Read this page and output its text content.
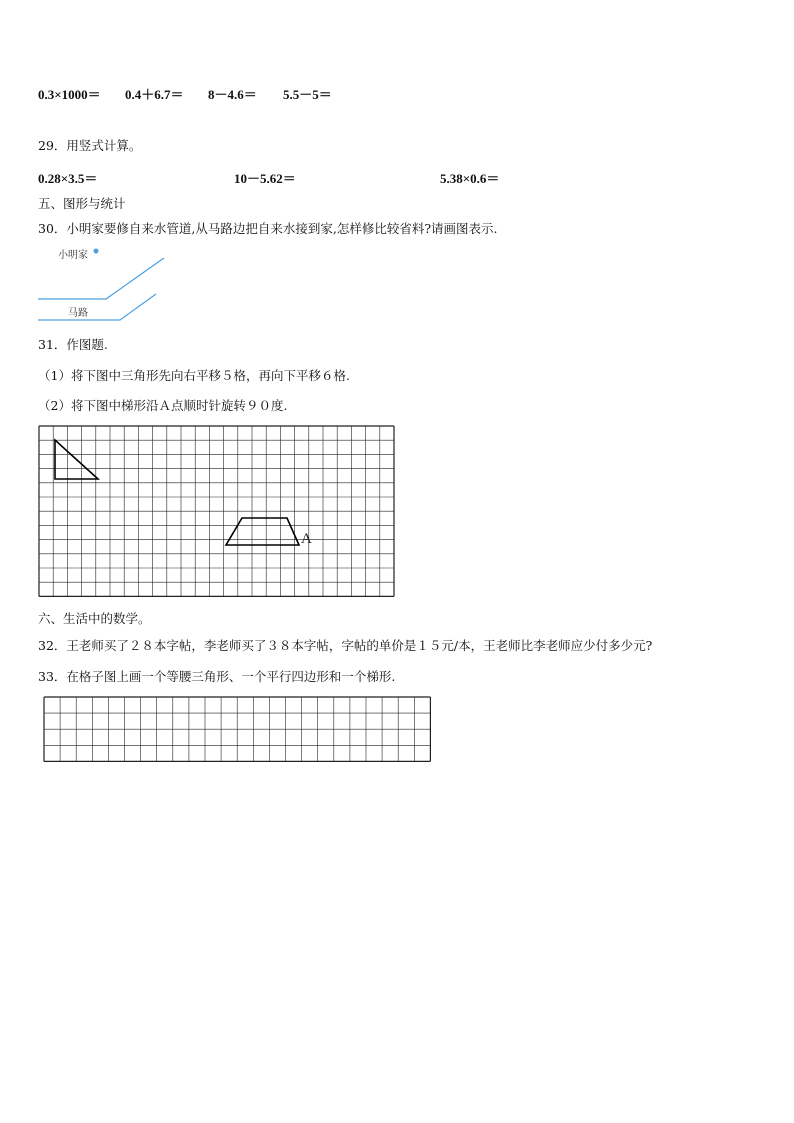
0.3×1000＝ 0.4＋6.7＝ 8－4.6＝ 5.5－5＝
29．用竖式计算。
0.28×3.5＝	10－5.62＝	5.38×0.6＝
五、图形与统计
30．小明家要修自来水管道,从马路边把自来水接到家,怎样修比较省料?请画图表示.
小明家
马路
31．作图题.
（1）将下图中三角形先向右平移５格，再向下平移６格.
（2）将下图中梯形沿Ａ点顺时针旋转９０度.
A
六、生活中的数学。
32．王老师买了２８本字帖，李老师买了３８本字帖，字帖的单价是１５元/本，王老师比李老师应少付多少元?
33．在格子图上画一个等腰三角形、一个平行四边形和一个梯形.
